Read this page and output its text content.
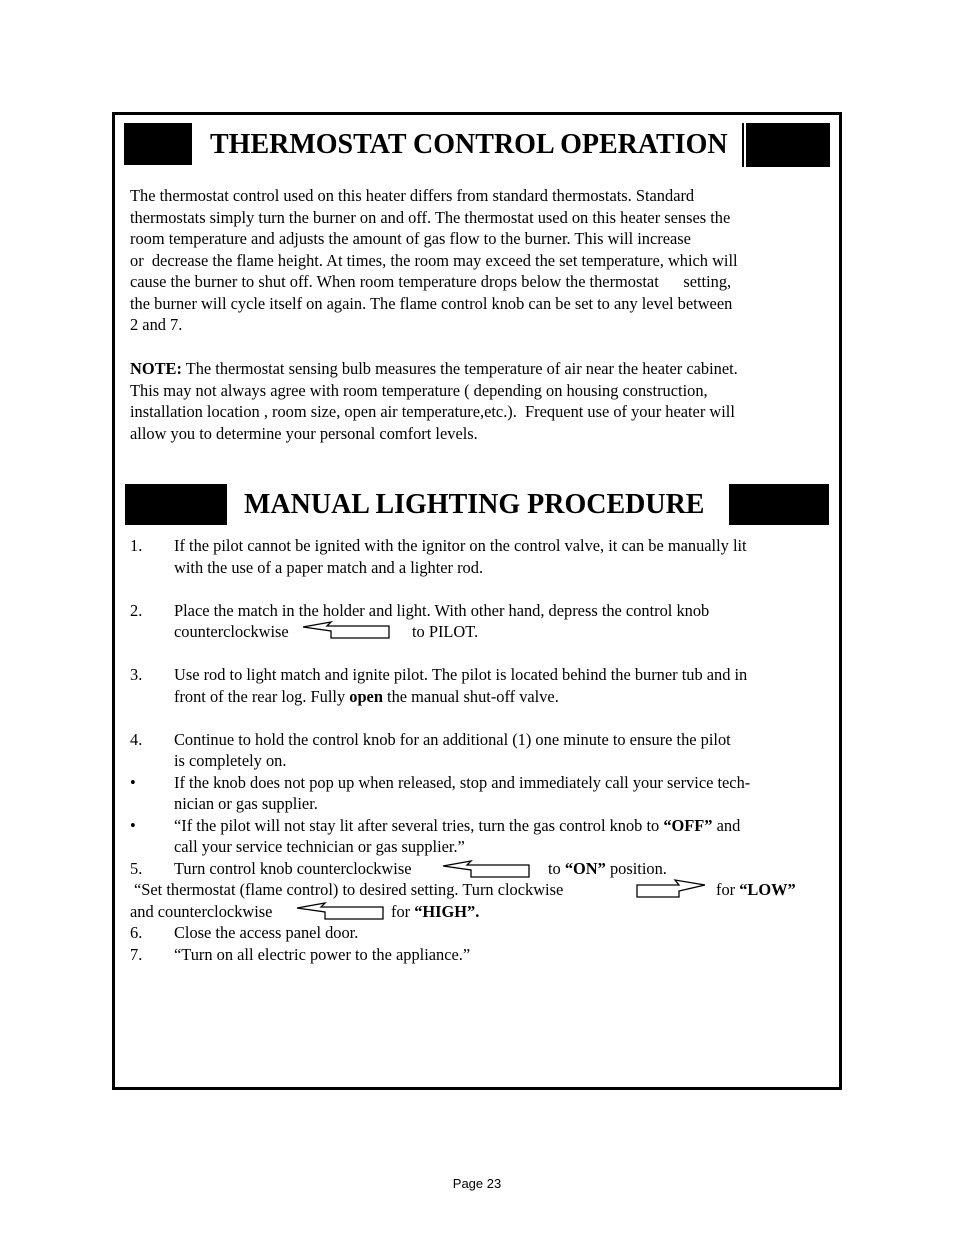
THERMOSTAT CONTROL OPERATION

The thermostat control used on this heater differs from standard thermostats. Standard

thermostats simply turn the burner on and off. The thermostat used on this heater senses the

room temperature and adjusts the amount of gas flow to the burner. This will increase

or  decrease the flame height. At times, the room may exceed the set temperature, which will

cause the burner to shut off. When room temperature drops below the thermostat      setting,

the burner will cycle itself on again. The flame control knob can be set to any level between

2 and 7.

NOTE: The thermostat sensing bulb measures the temperature of air near the heater cabinet.

This may not always agree with room temperature ( depending on housing construction,

installation location , room size, open air temperature,etc.).  Frequent use of your heater will

allow you to determine your personal comfort levels.

MANUAL LIGHTING PROCEDURE
1.	If the pilot cannot be ignited with the ignitor on the control valve, it can be manually lit
with the use of a paper match and a lighter rod.
2.	Place the match in the holder and light. With other hand, depress the control knob
counterclockwise	to PILOT.
3.	Use rod to light match and ignite pilot. The pilot is located behind the burner tub and in
front of the rear log. Fully open the manual shut-off valve.
4.	Continue to hold the control knob for an additional (1) one minute to ensure the pilot
is completely on.
•	If the knob does not pop up when released, stop and immediately call your service tech-
nician or gas supplier.
•	“If the pilot will not stay lit after several tries, turn the gas control knob to “OFF” and
call your service technician or gas supplier.”
5.	Turn control knob counterclockwise	to “ON” position.
“Set thermostat (flame control) to desired setting. Turn clockwise	for “LOW”
and counterclockwise	for “HIGH”.
6.	Close the access panel door.
7.	“Turn on all electric power to the appliance.”
Page 23
